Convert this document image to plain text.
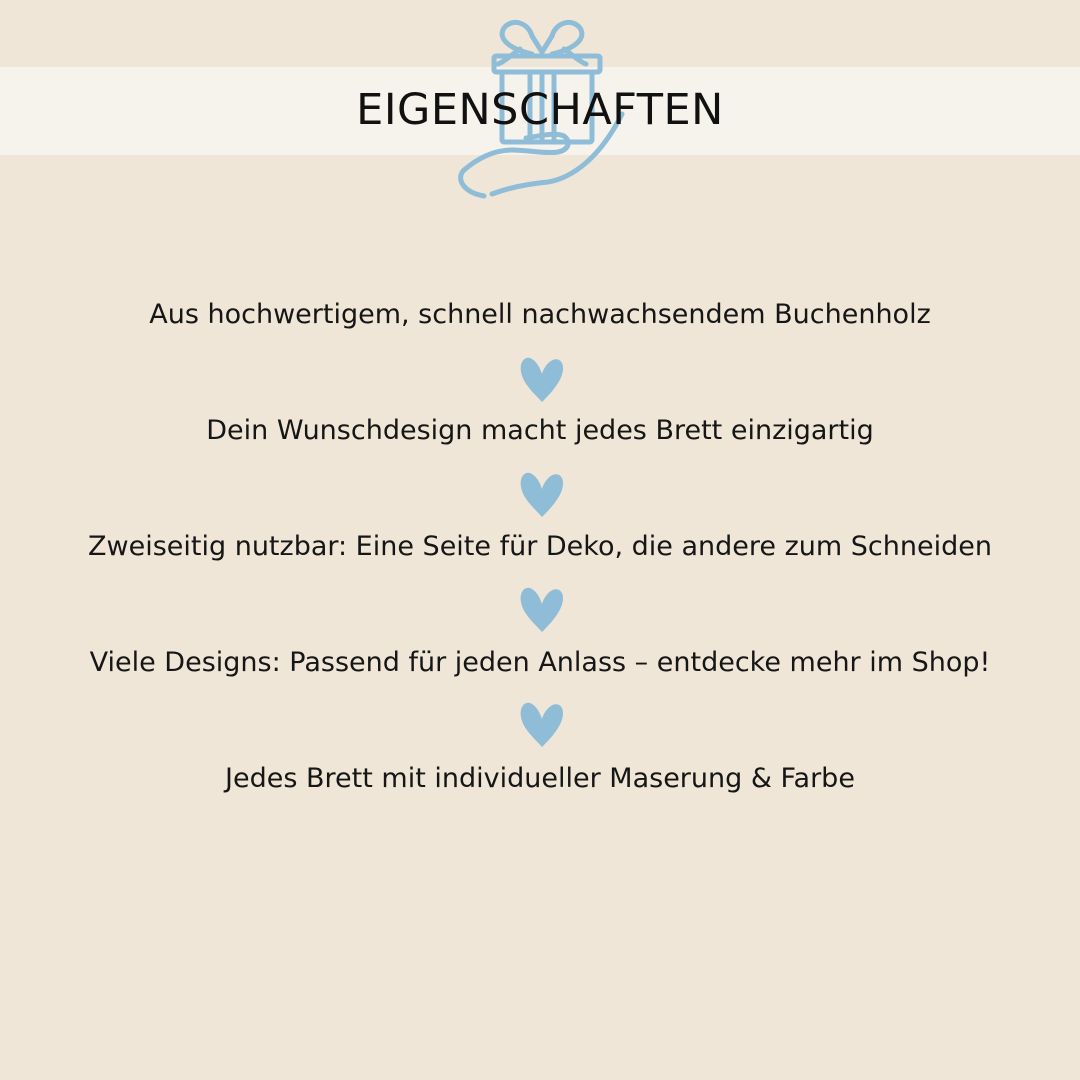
EIGENSCHAFTEN
Aus hochwertigem, schnell nachwachsendem Buchenholz
Dein Wunschdesign macht jedes Brett einzigartig
Zweiseitig nutzbar: Eine Seite für Deko, die andere zum Schneiden
Viele Designs: Passend für jeden Anlass – entdecke mehr im Shop!
Jedes Brett mit individueller Maserung & Farbe
